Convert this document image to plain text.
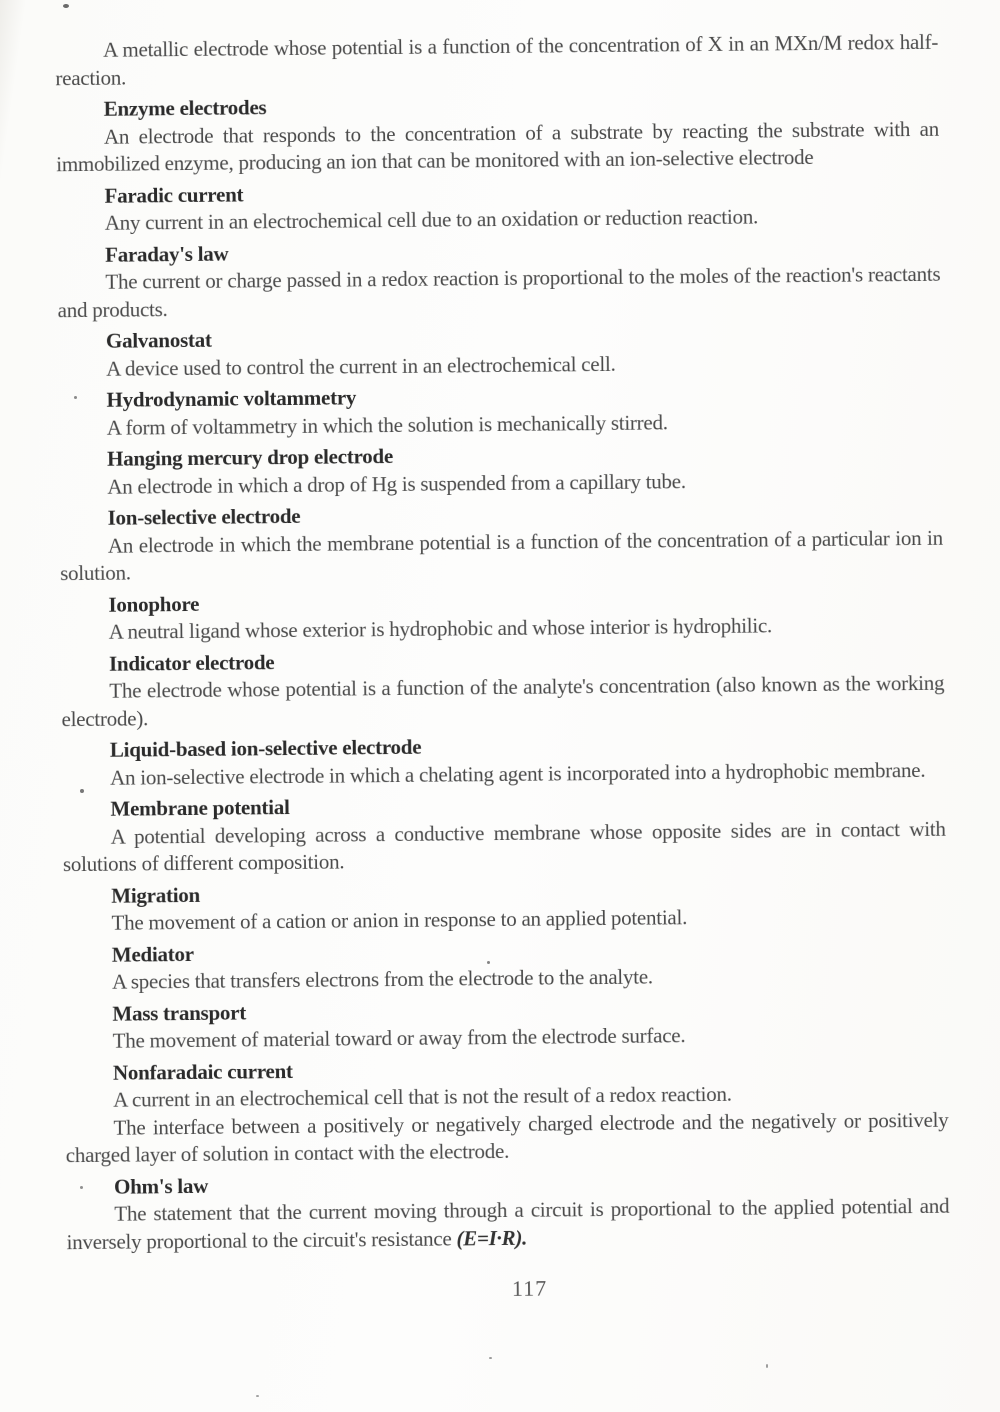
A metallic electrode whose potential is a function of the concentration of X in an MXn/M redox half-reaction.

Enzyme electrodes

An electrode that responds to the concentration of a substrate by reacting the substrate with an immobilized enzyme, producing an ion that can be monitored with an ion-selective electrode

Faradic current

Any current in an electrochemical cell due to an oxidation or reduction reaction.

Faraday's law

The current or charge passed in a redox reaction is proportional to the moles of the reaction's reactants and products.

Galvanostat

A device used to control the current in an electrochemical cell.

Hydrodynamic voltammetry

A form of voltammetry in which the solution is mechanically stirred.

Hanging mercury drop electrode

An electrode in which a drop of Hg is suspended from a capillary tube.

Ion-selective electrode

An electrode in which the membrane potential is a function of the concentration of a particular ion in solution.

Ionophore

A neutral ligand whose exterior is hydrophobic and whose interior is hydrophilic.

Indicator electrode

The electrode whose potential is a function of the analyte's concentration (also known as the working electrode).

Liquid-based ion-selective electrode

An ion-selective electrode in which a chelating agent is incorporated into a hydrophobic membrane.

Membrane potential

A potential developing across a conductive membrane whose opposite sides are in contact with solutions of different composition.

Migration

The movement of a cation or anion in response to an applied potential.

Mediator

A species that transfers electrons from the electrode to the analyte.

Mass transport

The movement of material toward or away from the electrode surface.

Nonfaradaic current

A current in an electrochemical cell that is not the result of a redox reaction.

The interface between a positively or negatively charged electrode and the negatively or positively charged layer of solution in contact with the electrode.

Ohm's law

The statement that the current moving through a circuit is proportional to the applied potential and inversely proportional to the circuit's resistance (E=I·R).

117
